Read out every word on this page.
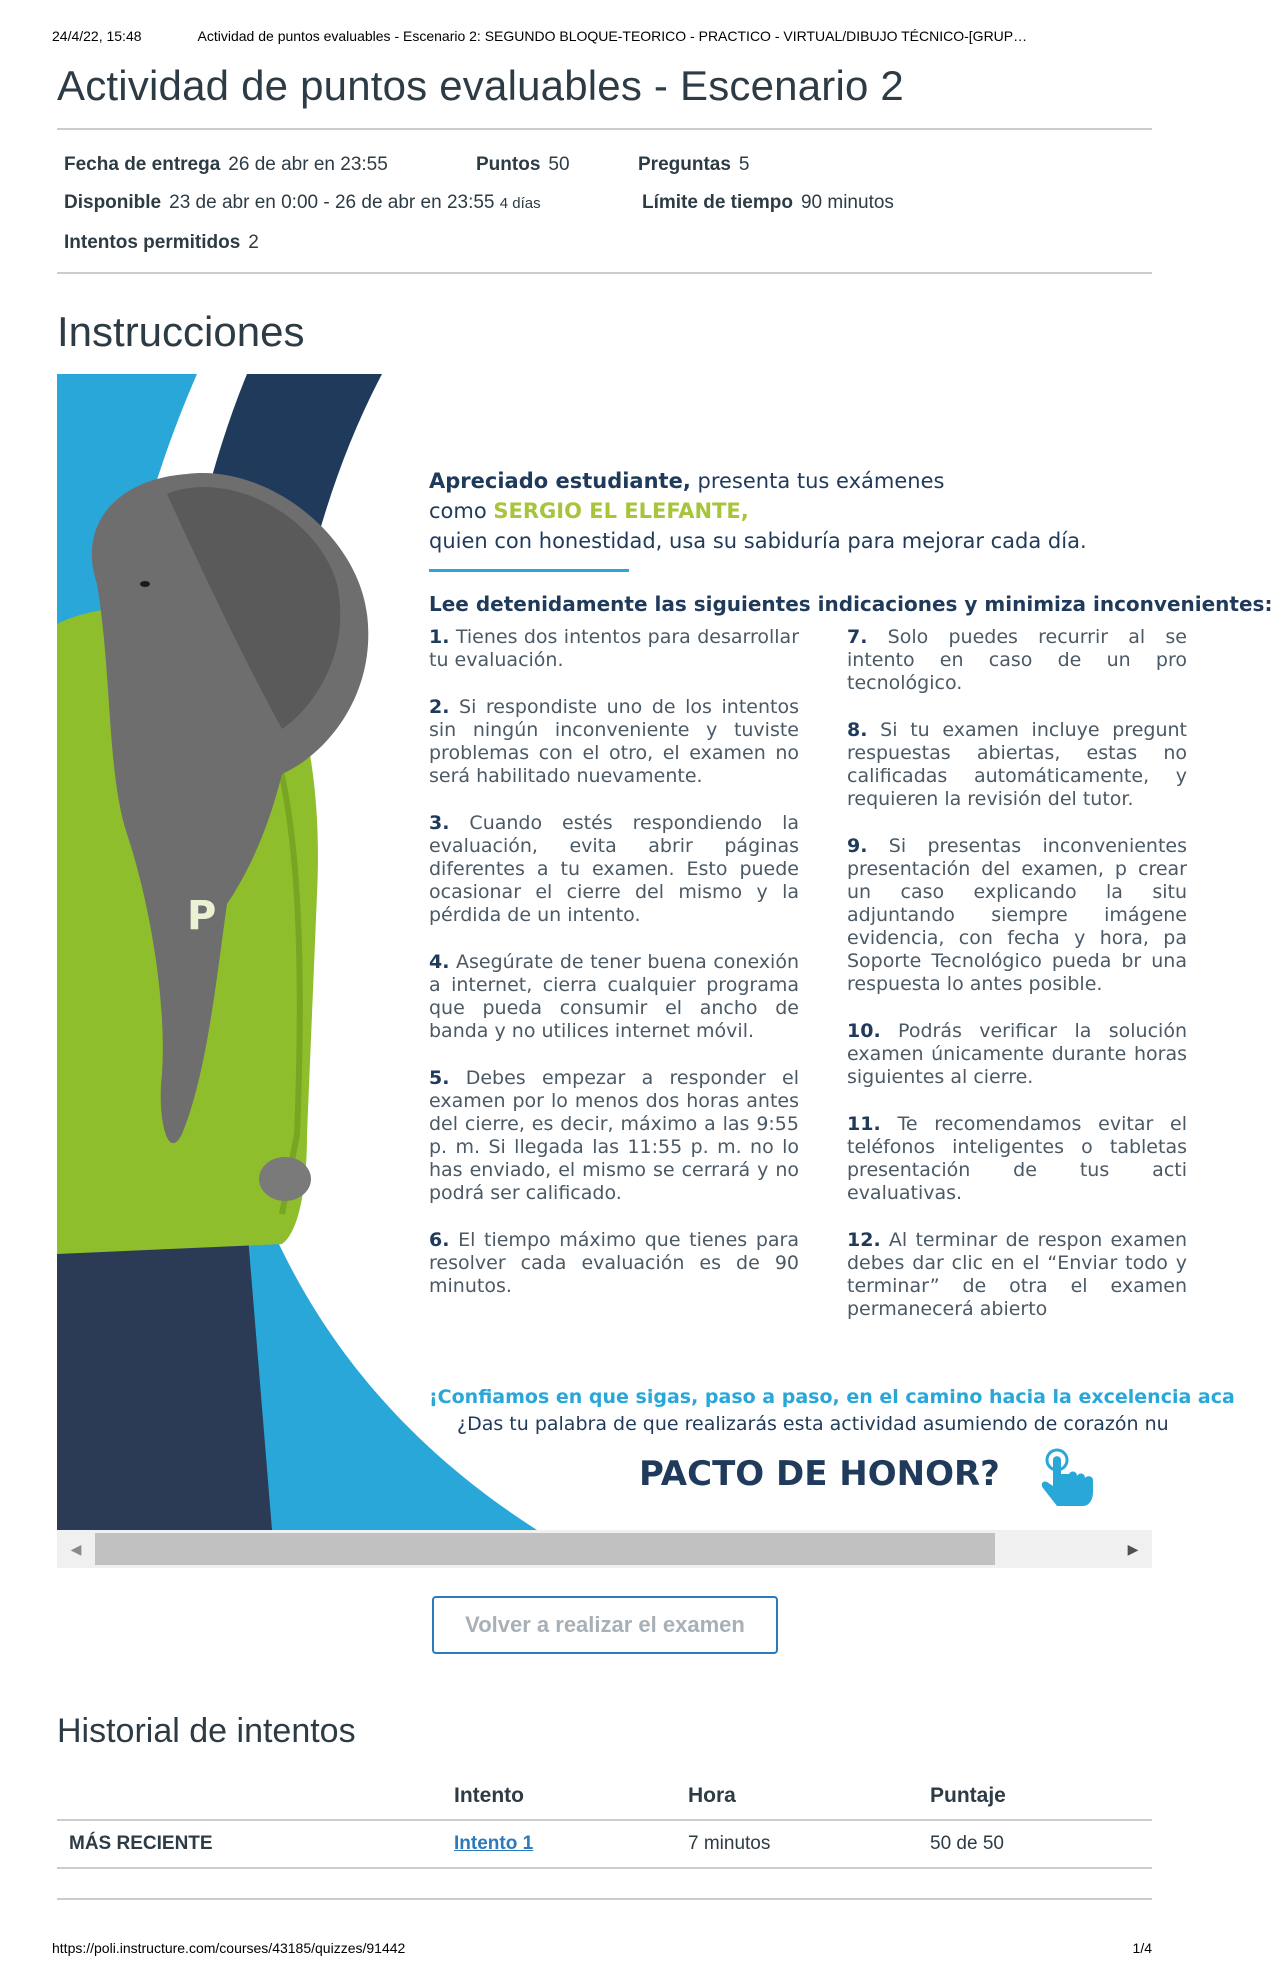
24/4/22, 15:48	Actividad de puntos evaluables - Escenario 2: SEGUNDO BLOQUE-TEORICO - PRACTICO - VIRTUAL/DIBUJO TÉCNICO-[GRUP…
Actividad de puntos evaluables - Escenario 2
Fecha de entrega 26 de abr en 23:55	Puntos 50	Preguntas 5
Disponible 23 de abr en 0:00 - 26 de abr en 23:55 4 días	Límite de tiempo 90 minutos
Intentos permitidos 2
Instrucciones
P
Apreciado estudiante, presenta tus exámenes
como SERGIO EL ELEFANTE,
quien con honestidad, usa su sabiduría para mejorar cada día.
Lee detenidamente las siguientes indicaciones y minimiza inconvenientes:

1. Tienes dos intentos para desarrollar tu evaluación.

2. Si respondiste uno de los intentos sin ningún inconveniente y tuviste problemas con el otro, el examen no será habilitado nuevamente.

3. Cuando estés respondiendo la evaluación, evita abrir páginas diferentes a tu examen. Esto puede ocasionar el cierre del mismo y la pérdida de un intento.

4. Asegúrate de tener buena conexión a internet, cierra cualquier programa que pueda consumir el ancho de banda y no utilices internet móvil.

5. Debes empezar a responder el examen por lo menos dos horas antes del cierre, es decir, máximo a las 9:55 p. m. Si llegada las 11:55 p. m. no lo has enviado, el mismo se cerrará y no podrá ser calificado.

6. El tiempo máximo que tienes para resolver cada evaluación es de 90 minutos.

7. Solo puedes recurrir al se intento en caso de un pro tecnológico.

8. Si tu examen incluye pregunt respuestas abiertas, estas no calificadas automáticamente, y requieren la revisión del tutor.

9. Si presentas inconvenientes presentación del examen, p crear un caso explicando la situ adjuntando siempre imágene evidencia, con fecha y hora, pa Soporte Tecnológico pueda br una respuesta lo antes posible.

10. Podrás verificar la solución examen únicamente durante horas siguientes al cierre.

11. Te recomendamos evitar el teléfonos inteligentes o tabletas presentación de tus acti evaluativas.

12. Al terminar de respon examen debes dar clic en el “Enviar todo y terminar” de otra el examen permanecerá abierto

¡Confiamos en que sigas, paso a paso, en el camino hacia la excelencia aca
¿Das tu palabra de que realizarás esta actividad asumiendo de corazón nu
PACTO DE HONOR?
◀	▶
Volver a realizar el examen
Historial de intentos
	Intento	Hora	Puntaje
MÁS RECIENTE	Intento 1	7 minutos	50 de 50
https://poli.instructure.com/courses/43185/quizzes/91442	1/4
